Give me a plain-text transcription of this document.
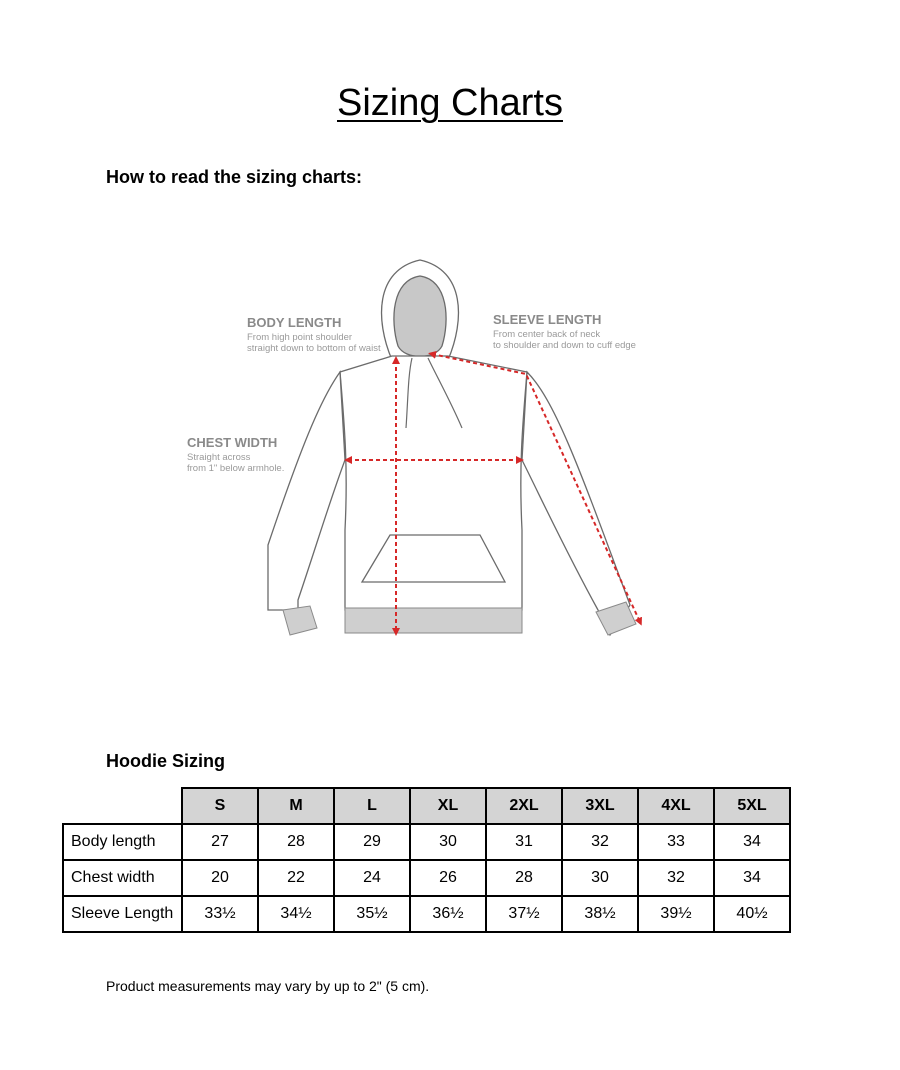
Sizing Charts
How to read the sizing charts:
BODY LENGTH
From high point shoulder
straight down to bottom of waist
SLEEVE LENGTH
From center back of neck
to shoulder and down to cuff edge
CHEST WIDTH
Straight across
from 1" below armhole.
Hoodie Sizing
	S	M	L	XL	2XL	3XL	4XL	5XL
Body length	27	28	29	30	31	32	33	34
Chest width	20	22	24	26	28	30	32	34
Sleeve Length	33½	34½	35½	36½	37½	38½	39½	40½
Product measurements may vary by up to 2" (5 cm).
